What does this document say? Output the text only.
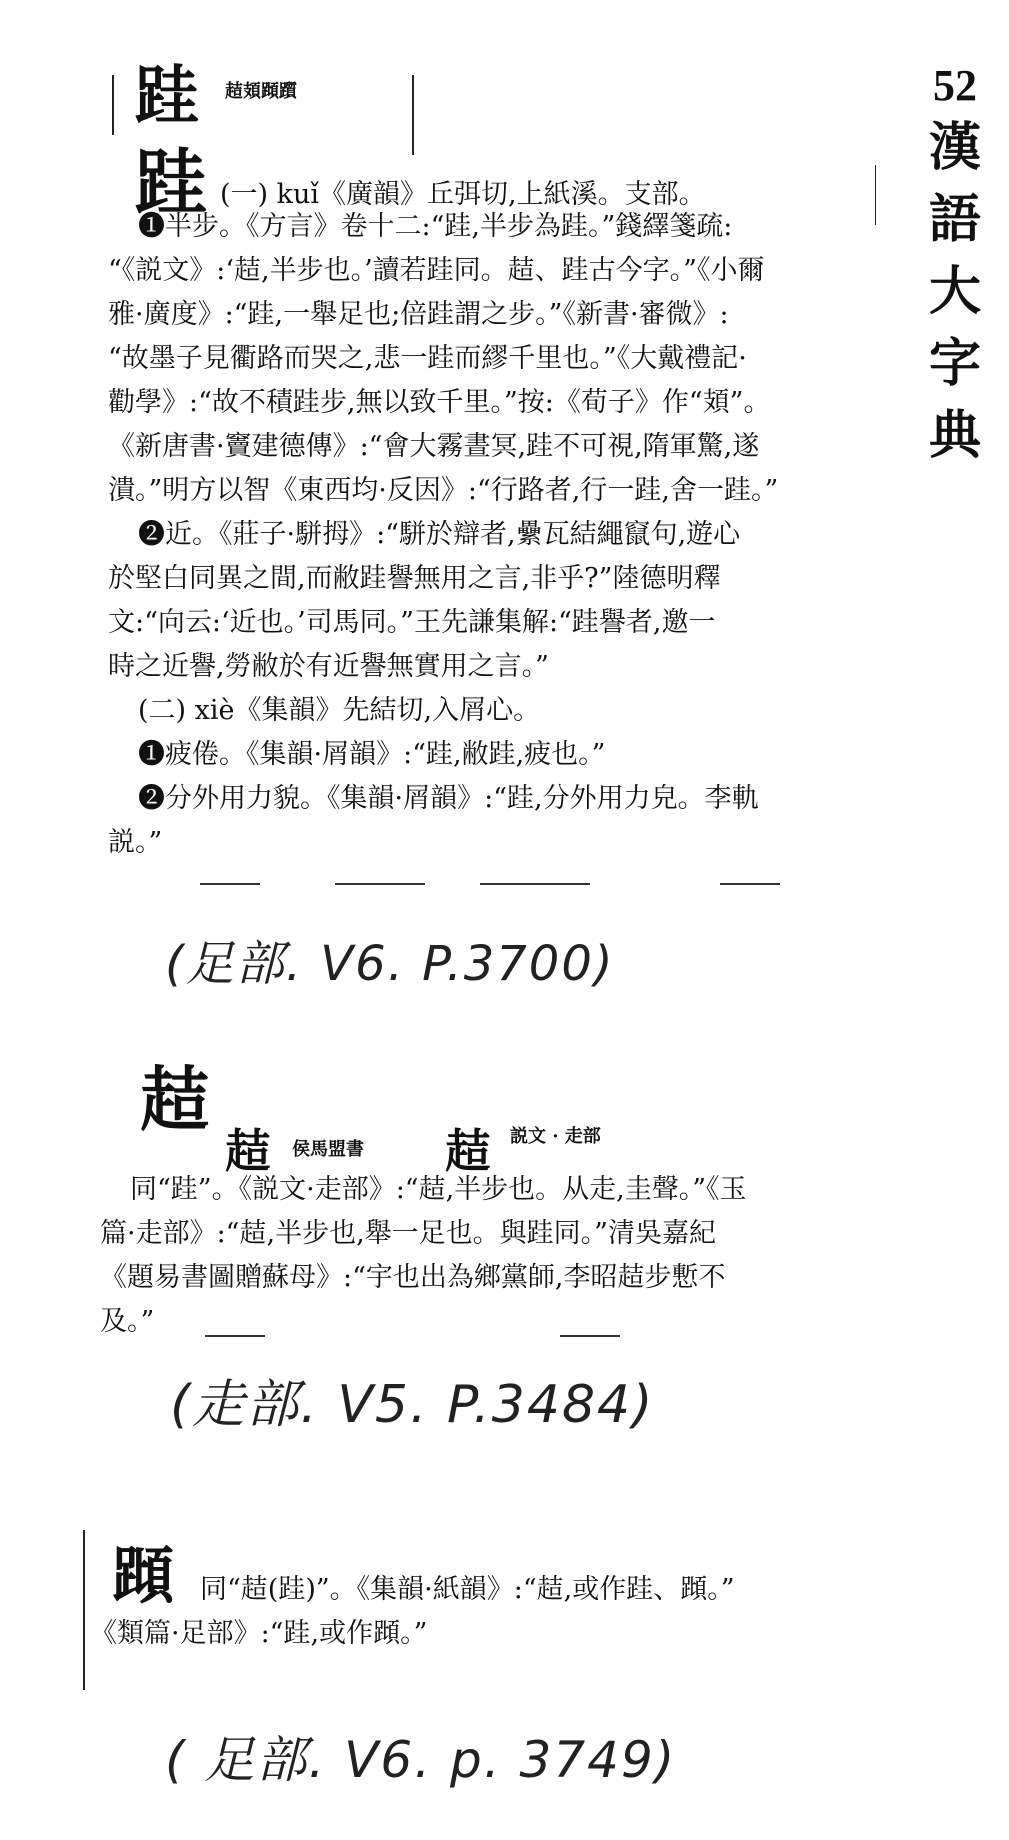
52
漢
語
大
字
典
跬 趌頍蹞躓
跬 (一) kuǐ《廣韻》丘弭切,上紙溪。支部。
❶半步。《方言》卷十二:“跬,半步為跬。”錢繹箋疏:
“《説文》:‘趌,半步也。’讀若跬同。趌、跬古今字。”《小爾
雅·廣度》:“跬,一舉足也;倍跬謂之步。”《新書·審微》:
“故墨子見衢路而哭之,悲一跬而繆千里也。”《大戴禮記·
勸學》:“故不積跬步,無以致千里。”按:《荀子》作“頍”。
《新唐書·竇建德傳》:“會大霧晝冥,跬不可視,隋軍驚,遂
潰。”明方以智《東西均·反因》:“行路者,行一跬,舍一跬。”
❷近。《莊子·駢拇》:“駢於辯者,纍瓦結繩竄句,遊心
於堅白同異之間,而敝跬譽無用之言,非乎?”陸德明釋
文:“向云:‘近也。’司馬同。”王先謙集解:“跬譽者,邀一
時之近譽,勞敝於有近譽無實用之言。”
(二) xiè《集韻》先結切,入屑心。
❶疲倦。《集韻·屑韻》:“跬,敝跬,疲也。”
❷分外用力貌。《集韻·屑韻》:“跬,分外用力皃。李軌
説。”
(足部. V6. P.3700)
趌
趌 侯馬盟書 趌 説文 · 走部
同“跬”。《説文·走部》:“趌,半步也。从走,圭聲。”《玉
篇·走部》:“趌,半步也,舉一足也。與跬同。”清吳嘉紀
《題易書圖贈蘇母》:“宇也出為鄉黨師,李昭趌步慙不
及。”
(走部. V5. P.3484)
蹞 同“趌(跬)”。《集韻·紙韻》:“趌,或作跬、蹞。”
《類篇·足部》:“跬,或作蹞。”
( 足部. V6. p. 3749)
